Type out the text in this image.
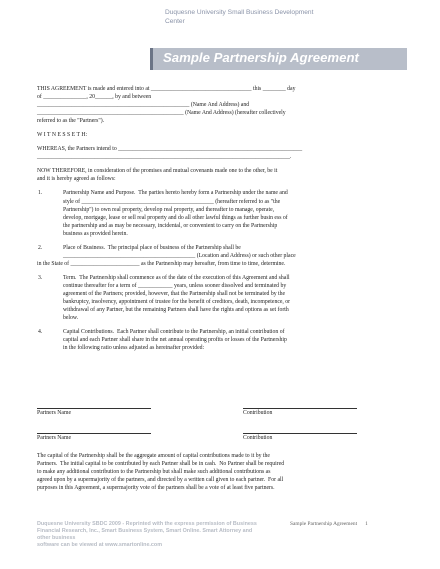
Duquesne University Small Business Development
Center
Sample Partnership Agreement

THIS AGREEMENT is made and entered into at ___________________________________ this ________ day

of _______________, 20______, by and between

_____________________________________________________ (Name And Address) and

___________________________________________________ (Name And Address) (hereafter collectively

referred to as the "Partners").

W I T N E S S E T H:

WHEREAS, the Partners intend to ________________________________________________________________

________________________________________________________________________________________.

NOW THEREFORE, in consideration of the promises and mutual covenants made one to the other, be it

and it is hereby agreed as follows:

1.	Partnership Name and Purpose.  The parties hereto hereby form a Partnership under the name and

style of ______________________________________________ (hereafter referred to as "the

Partnership") to own real property, develop real property, and thereafter to manage, operate,

develop, mortgage, lease or sell real property and do all other lawful things as further busin ess of

the partnership and as may be necessary, incidental, or convenient to carry on the Partnership

business as provided herein.

2.	Place of Business.  The principal place of business of the Partnership shall be

______________________________________________ (Location and Address) or such other place

in the State of ________________________ as the Partnership may hereafter, from time to time, determine.

3.	Term.  The Partnership shall commence as of the date of the execution of this Agreement and shall

continue thereafter for a term of ____________ years, unless sooner dissolved and terminated by

agreement of the Partners; provided, however, that the Partnership shall not be terminated by the

bankruptcy, insolvency, appointment of trustee for the benefit of creditors, death, incompetence, or

withdrawal of any Partner, but the remaining Partners shall have the rights and options as set forth

below.

4.	Capital Contributions.  Each Partner shall contribute to the Partnership, an initial contribution of

capital and each Partner shall share in the net annual operating profits or losses of the Partnership

in the following ratio unless adjusted as hereinafter provided:

Partners Name	Contribution
Partners Name	Contribution

The capital of the Partnership shall be the aggregate amount of capital contributions made to it by the

Partners.  The initial capital to be contributed by each Partner shall be in cash.  No Partner shall be required

to make any additional contribution to the Partnership but shall make such additional contributions as

agreed upon by a supermajority of the partners, and directed by a written call given to each partner.  For all

purposes in this Agreement, a supermajority vote of the partners shall be a vote of at least five partners.

Duquesne University SBDC 2009 - Reprinted with the express permission of Business
Financial Research, Inc., Smart Business System, Smart Online. Smart Attorney and other business
software can be viewed at www.smartonline.com
Sample Partnership Agreement 1
